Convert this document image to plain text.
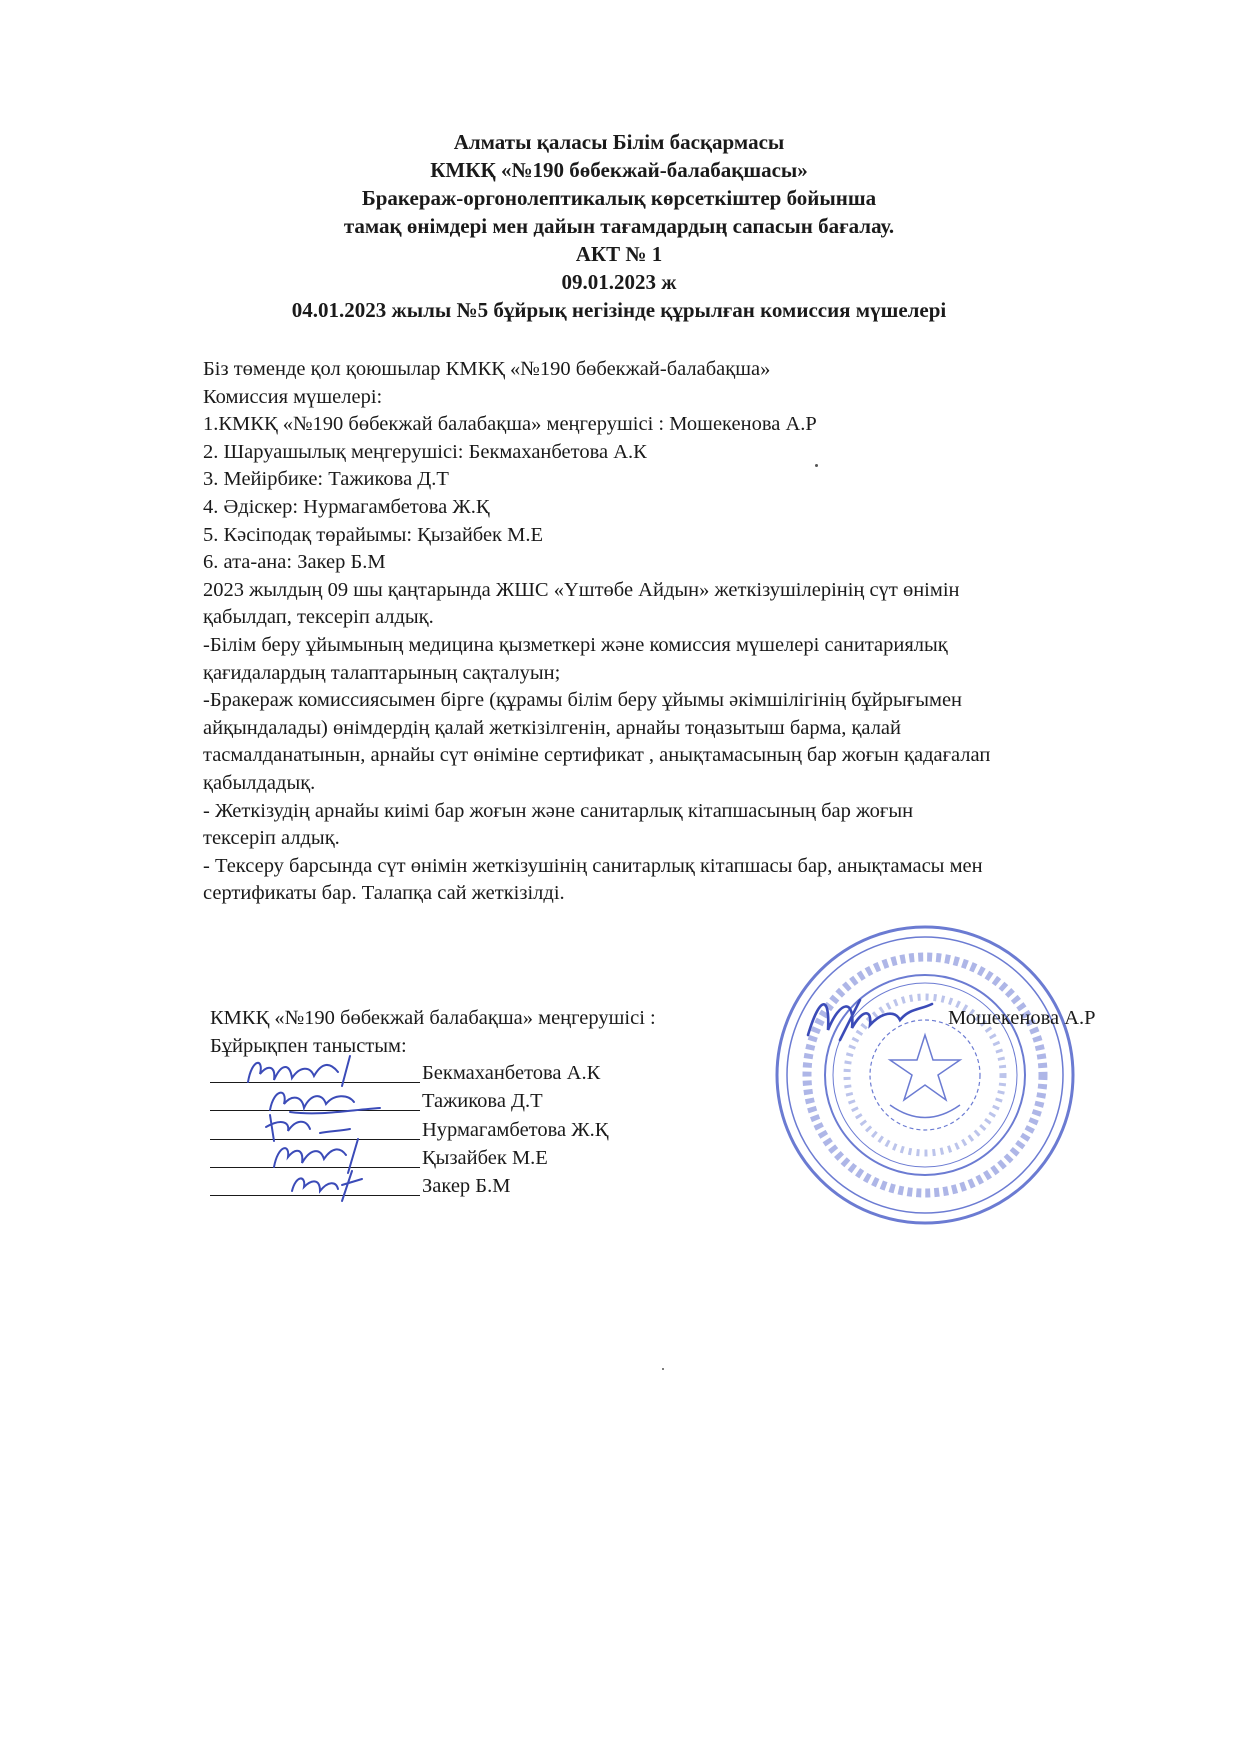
Алматы қаласы Білім басқармасы
КМКҚ «№190 бөбекжай-балабақшасы»
Бракераж-оргонолептикалық көрсеткіштер бойынша
тамақ өнімдері мен дайын тағамдардың сапасын бағалау.
АКТ № 1
09.01.2023 ж
04.01.2023 жылы №5 бұйрық негізінде құрылған комиссия мүшелері
Біз төменде қол қоюшылар КМКҚ «№190 бөбекжай-балабақша»
Комиссия мүшелері:
1.КМКҚ «№190 бөбекжай балабақша» меңгерушісі : Мошекенова А.Р
2. Шаруашылық меңгерушісі: Бекмаханбетова А.К
3. Мейірбике: Тажикова Д.Т
4. Әдіскер: Нурмагамбетова Ж.Қ
5. Кәсіподақ төрайымы: Қызайбек М.Е
6. ата-ана: Закер Б.М
2023 жылдың 09 шы қаңтарында ЖШС «Үштөбе Айдын» жеткізушілерінің сүт өнімін
қабылдап, тексеріп алдық.
-Білім беру ұйымының медицина қызметкері және комиссия мүшелері санитариялық
қағидалардың талаптарының сақталуын;
-Бракераж комиссиясымен бірге (құрамы білім беру ұйымы әкімшілігінің бұйрығымен
айқындалады) өнімдердің қалай жеткізілгенін, арнайы тоңазытыш барма, қалай
тасмалданатынын, арнайы сүт өніміне сертификат , анықтамасының бар жоғын қадағалап
қабылдадық.
- Жеткізудің арнайы киімі бар жоғын және санитарлық кітапшасының бар жоғын
тексеріп алдық.
- Тексеру барсында сүт өнімін жеткізушінің санитарлық кітапшасы бар, анықтамасы мен
сертификаты бар. Талапқа сай жеткізілді.
Мошекенова А.Р
КМКҚ «№190 бөбекжай балабақша» меңгерушісі :
Бұйрықпен таныстым:
Бекмаханбетова А.К
Тажикова Д.Т
Нурмагамбетова Ж.Қ
Қызайбек М.Е
Закер Б.М
